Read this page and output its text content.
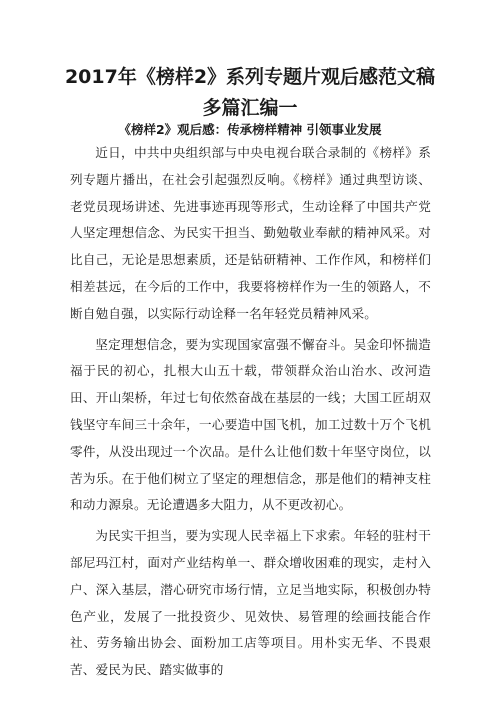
2017年《榜样2》系列专题片观后感范文稿多篇汇编一
《榜样2》观后感：传承榜样精神 引领事业发展

近日，中共中央组织部与中央电视台联合录制的《榜样》系列专题片播出，在社会引起强烈反响。《榜样》通过典型访谈、老党员现场讲述、先进事迹再现等形式，生动诠释了中国共产党人坚定理想信念、为民实干担当、勤勉敬业奉献的精神风采。对比自己，无论是思想素质，还是钻研精神、工作作风，和榜样们相差甚远，在今后的工作中，我要将榜样作为一生的领路人，不断自勉自强，以实际行动诠释一名年轻党员精神风采。

坚定理想信念，要为实现国家富强不懈奋斗。吴金印怀揣造福于民的初心，扎根大山五十载，带领群众治山治水、改河造田、开山架桥，年过七旬依然奋战在基层的一线；大国工匠胡双钱坚守车间三十余年，一心要造中国飞机，加工过数十万个飞机零件，从没出现过一个次品。是什么让他们数十年坚守岗位，以苦为乐。在于他们树立了坚定的理想信念，那是他们的精神支柱和动力源泉。无论遭遇多大阻力，从不更改初心。

为民实干担当，要为实现人民幸福上下求索。年轻的驻村干部尼玛江村，面对产业结构单一、群众增收困难的现实，走村入户、深入基层，潜心研究市场行情，立足当地实际，积极创办特色产业，发展了一批投资少、见效快、易管理的绘画技能合作社、劳务输出协会、面粉加工店等项目。用朴实无华、不畏艰苦、爱民为民、踏实做事的
